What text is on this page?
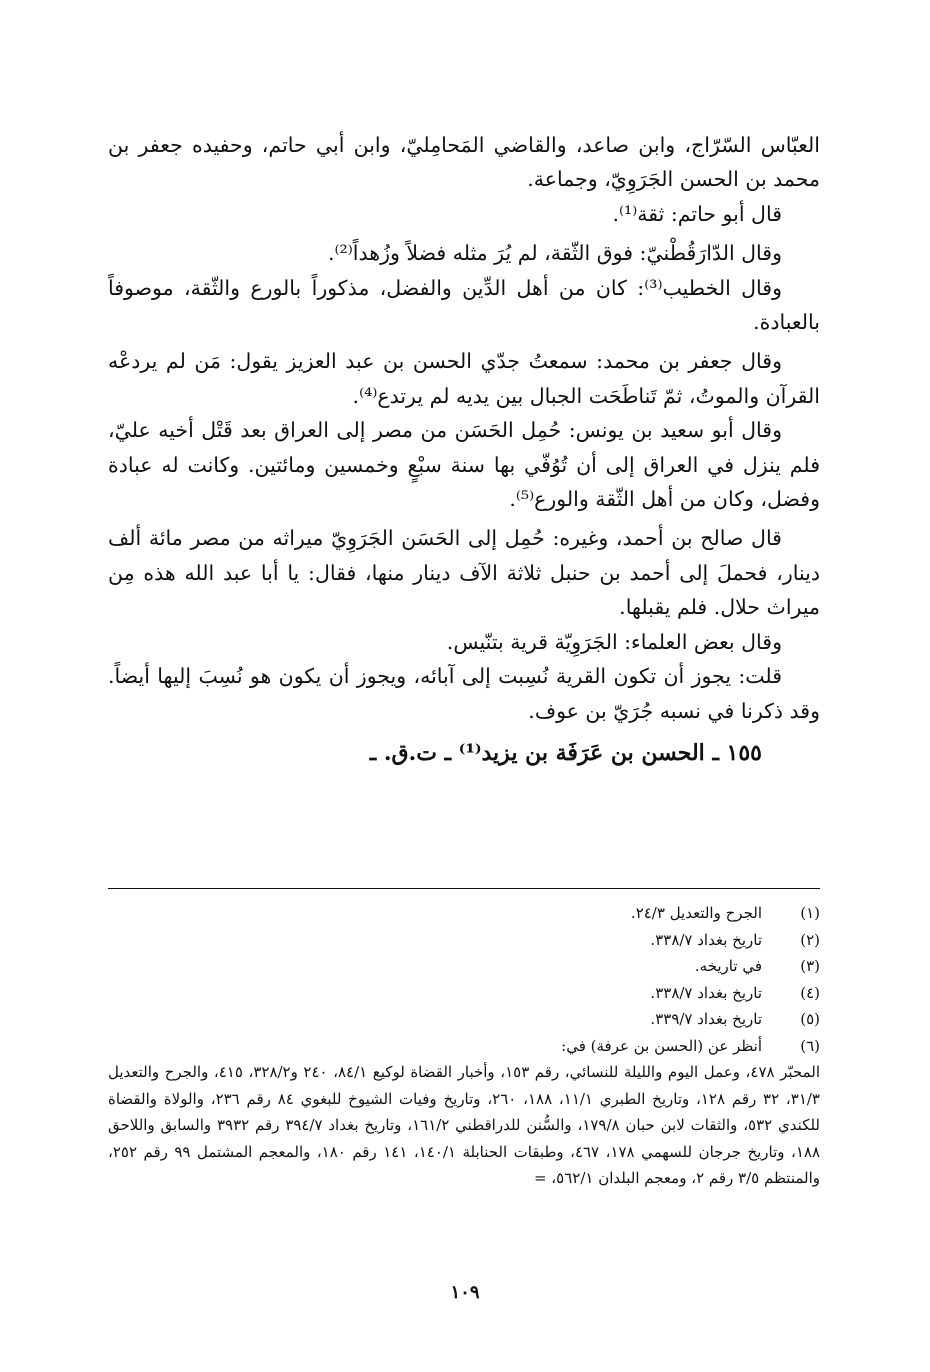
العبّاس السّرّاج، وابن صاعد، والقاضي المَحامِليّ، وابن أبي حاتم، وحفيده جعفر بن محمد بن الحسن الجَرَوِيّ، وجماعة.

قال أبو حاتم: ثقة⁽¹⁾.

وقال الدّارَقُطْنيّ: فوق الثّقة، لم يُرَ مثله فضلاً وزُهداً⁽²⁾.

وقال الخطيب⁽³⁾: كان من أهل الدِّين والفضل، مذكوراً بالورع والثّقة، موصوفاً بالعبادة.

وقال جعفر بن محمد: سمعتُ جدّي الحسن بن عبد العزيز يقول: مَن لم يردعْه القرآن والموتُ، ثمّ تَناطَحَت الجبال بين يديه لم يرتدع⁽⁴⁾.

وقال أبو سعيد بن يونس: حُمِل الحَسَن من مصر إلى العراق بعد قَتْل أخيه عليّ، فلم ينزل في العراق إلى أن تُوُفّي بها سنة سبْعٍ وخمسين ومائتين. وكانت له عبادة وفضل، وكان من أهل الثّقة والورع⁽⁵⁾.

قال صالح بن أحمد، وغيره: حُمِل إلى الحَسَن الجَرَوِيّ ميراثه من مصر مائة ألف دينار، فحملَ إلى أحمد بن حنبل ثلاثة الآف دينار منها، فقال: يا أبا عبد الله هذه مِن ميراث حلال. فلم يقبلها.

وقال بعض العلماء: الجَرَوِيّة قرية بتنّيس.

قلت: يجوز أن تكون القرية نُسِبت إلى آبائه، ويجوز أن يكون هو نُسِبَ إليها أيضاً. وقد ذكرنا في نسبه جُرَيّ بن عوف.

١٥٥ ـ الحسن بن عَرَفَة بن يزيد⁽¹⁾ ـ ت.ق. ـ

(١)
الجرح والتعديل ٢٤/٣.
(٢)
تاريخ بغداد ٣٣٨/٧.
(٣)
في تاريخه.
(٤)
تاريخ بغداد ٣٣٨/٧.
(٥)
تاريخ بغداد ٣٣٩/٧.
(٦)
أنظر عن (الحسن بن عرفة) في:
المحبّر ٤٧٨، وعمل اليوم والليلة للنسائي، رقم ١٥٣، وأخبار القضاة لوكيع ٨٤/١، ٢٤٠ و٣٢٨/٢، ٤١٥، والجرح والتعديل ٣١/٣، ٣٢ رقم ١٢٨، وتاريخ الطبري ١١/١، ١٨٨، ٢٦٠، وتاريخ وفيات الشيوخ للبغوي ٨٤ رقم ٢٣٦، والولاة والقضاة للكندي ٥٣٢، والثقات لابن حبان ١٧٩/٨، والسُّنن للدراقطني ١٦١/٢، وتاريخ بغداد ٣٩٤/٧ رقم ٣٩٣٢ والسابق واللاحق ١٨٨، وتاريخ جرجان للسهمي ١٧٨، ٤٦٧، وطبقات الحنابلة ١٤٠/١، ١٤١ رقم ١٨٠، والمعجم المشتمل ٩٩ رقم ٢٥٢، والمنتظم ٣/٥ رقم ٢، ومعجم البلدان ٥٦٢/١، =
١٠٩
